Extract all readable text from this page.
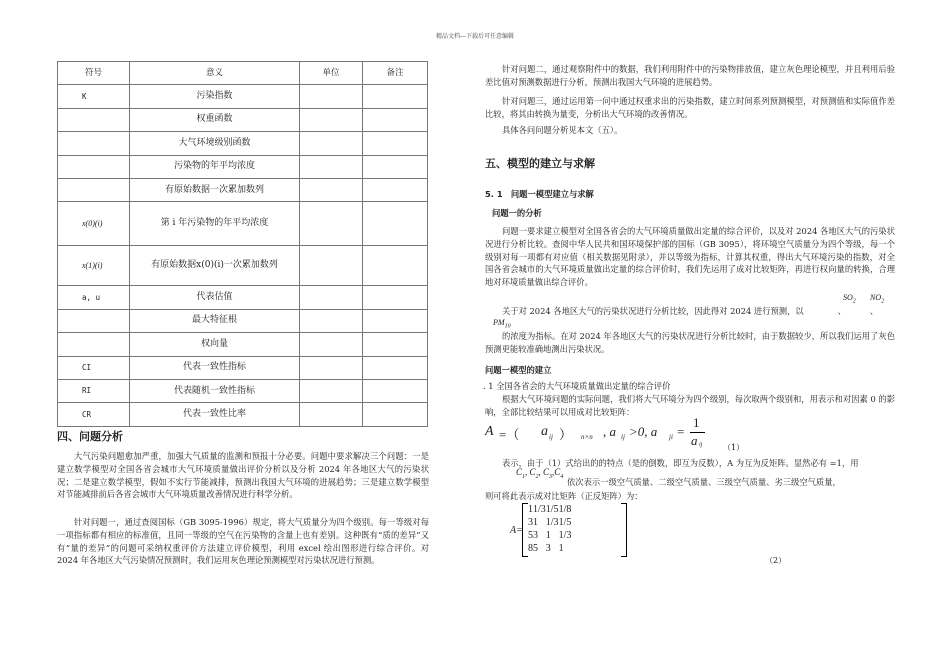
精品文档---下载后可任意编辑
符号	意义	单位	备注
K	污染指数		
	权重函数		
	大气环境级别函数		
	污染物的年平均浓度		
	有原始数据一次累加数列		
x(0)(i)	第 i 年污染物的年平均浓度		
x(1)(i)	有原始数据x(0)(i)一次累加数列		
a, u	代表估值		
	最大特征根		
	权向量		
CI	代表一致性指标		
RI	代表随机一致性指标		
CR	代表一致性比率		
四、问题分析
大气污染问题愈加严重，加强大气质量的监测和预报十分必要。问题中要求解决三个问题：一是建立数学模型对全国各省会城市大气环境质量做出评价分析以及分析 2024 年各地区大气的污染状况；二是建立数学模型，假如不实行节能减排，预测出我国大气环境的进展趋势；三是建立数学模型对节能减排前后各省会城市大气环境质量改善情况进行科学分析。
针对问题一，通过查阅国标（GB 3095-1996）规定，将大气质量分为四个级别。每一等级对每一项指标都有相应的标准值，且同一等级的空气在污染物的含量上也有差别。这种既有“质的差异”又有“量的差异”的问题可采纳权重评价方法建立评价模型，利用 excel 绘出图形进行综合评价。对 2024 年各地区大气污染情况预测时，我们运用灰色理论预测模型对污染状况进行预测。
针对问题二，通过观察附件中的数据，我们利用附件中的污染物排放值，建立灰色理论模型，并且利用后验差比值对预测数据进行分析，预测出我国大气环境的进展趋势。
针对问题三，通过运用第一问中通过权重求出的污染指数，建立时间系列预测模型，对预测值和实际值作差比较，将其由转换为量变，分析出大气环境的改善情况。
具体各问问题分析见本文（五）。
五、模型的建立与求解
5. 1　问题一模型建立与求解
问题一的分析
问题一要求建立模型对全国各省会的大气环境质量做出定量的综合评价，以及对 2024 各地区大气的污染状况进行分析比较。查阅中华人民共和国环境保护部的国标（GB 3095），将环境空气质量分为四个等级，每一个级别对每一项都有对应值（相关数据见附录），并以等级为指标，计算其权重，得出大气环境污染的指数，对全国各省会城市的大气环境质量做出定量的综合评价时，我们先运用了成对比较矩阵，再进行权向量的转换，合理地对环境质量做出综合评价。
$SO_2$ $NO_2$
关于对 2024 各地区大气的污染状况进行分析比较，因此得对 2024 进行预测，以	、	、
$PM_{10}$
的浓度为指标。在对 2024 年各地区大气的污染状况进行分析比较时，由于数据较少，所以我们运用了灰色预测更能较准确地测出污染状况。
问题一模型的建立
. 1 全国各省会的大气环境质量做出定量的综合评价
根据大气环境问题的实际问题，我们将大气环境分为四个级别，每次取两个级别和，用表示和对因素 0 的影响，全部比较结果可以用成对比较矩阵：
A =（ a ij ） n×n , a ij >0, a ji =
1
a ij	（1）
表示，由于（1）式给出的的特点（是的倒数，即互为反数），A 为互为反矩阵。显然必有 =1，用
$C_1$, $C_2$, $C_3,C_4$
依次表示一级空气质量、二级空气质量、三级空气质量、劣三级空气质量，
则可将此表示成对比矩阵（正反矩阵）为：
A=
1	1/3	1/5	1/8
3	1	1/3	1/5
5	3	1	1/3
8	5	3	1
（2）
